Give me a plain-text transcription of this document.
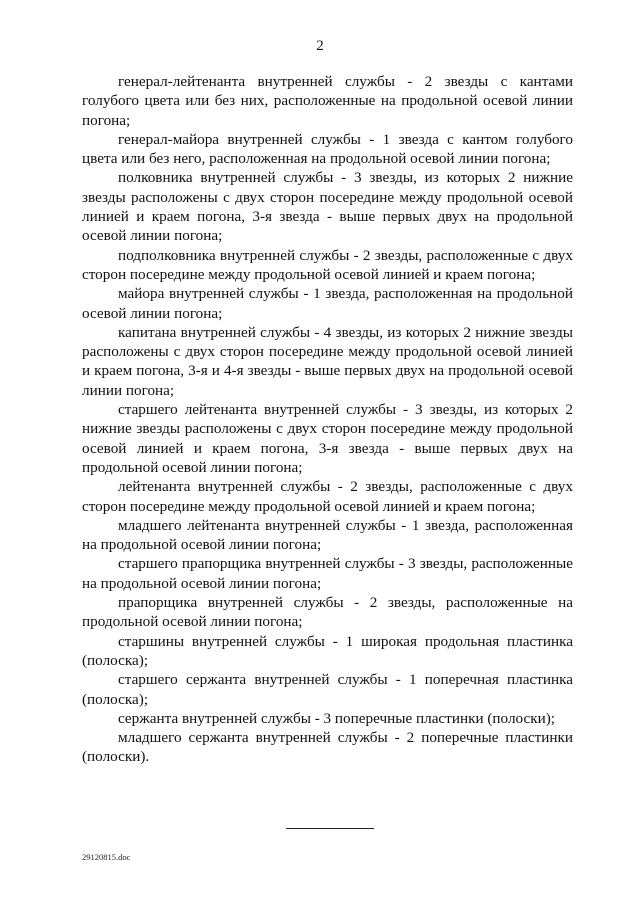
2

генерал-лейтенанта внутренней службы - 2 звезды с кантами голубого цвета или без них, расположенные на продольной осевой линии погона;

генерал-майора внутренней службы - 1 звезда с кантом голубого цвета или без него, расположенная на продольной осевой линии погона;

полковника внутренней службы - 3 звезды, из которых 2 нижние звезды расположены с двух сторон посередине между продольной осевой линией и краем погона, 3-я звезда - выше первых двух на продольной осевой линии погона;

подполковника внутренней службы - 2 звезды, расположенные с двух сторон посередине между продольной осевой линией и краем погона;

майора внутренней службы - 1 звезда, расположенная на продольной осевой линии погона;

капитана внутренней службы - 4 звезды, из которых 2 нижние звезды расположены с двух сторон посередине между продольной осевой линией и краем погона, 3-я и 4-я звезды - выше первых двух на продольной осевой линии погона;

старшего лейтенанта внутренней службы - 3 звезды, из которых 2 нижние звезды расположены с двух сторон посередине между продольной осевой линией и краем погона, 3-я звезда - выше первых двух на продольной осевой линии погона;

лейтенанта внутренней службы - 2 звезды, расположенные с двух сторон посередине между продольной осевой линией и краем погона;

младшего лейтенанта внутренней службы - 1 звезда, расположенная на продольной осевой линии погона;

старшего прапорщика внутренней службы - 3 звезды, расположенные на продольной осевой линии погона;

прапорщика внутренней службы - 2 звезды, расположенные на продольной осевой линии погона;

старшины внутренней службы - 1 широкая продольная пластинка (полоска);

старшего сержанта внутренней службы - 1 поперечная пластинка (полоска);

сержанта внутренней службы - 3 поперечные пластинки (полоски);

младшего сержанта внутренней службы - 2 поперечные пластинки (полоски).

29120815.doc
